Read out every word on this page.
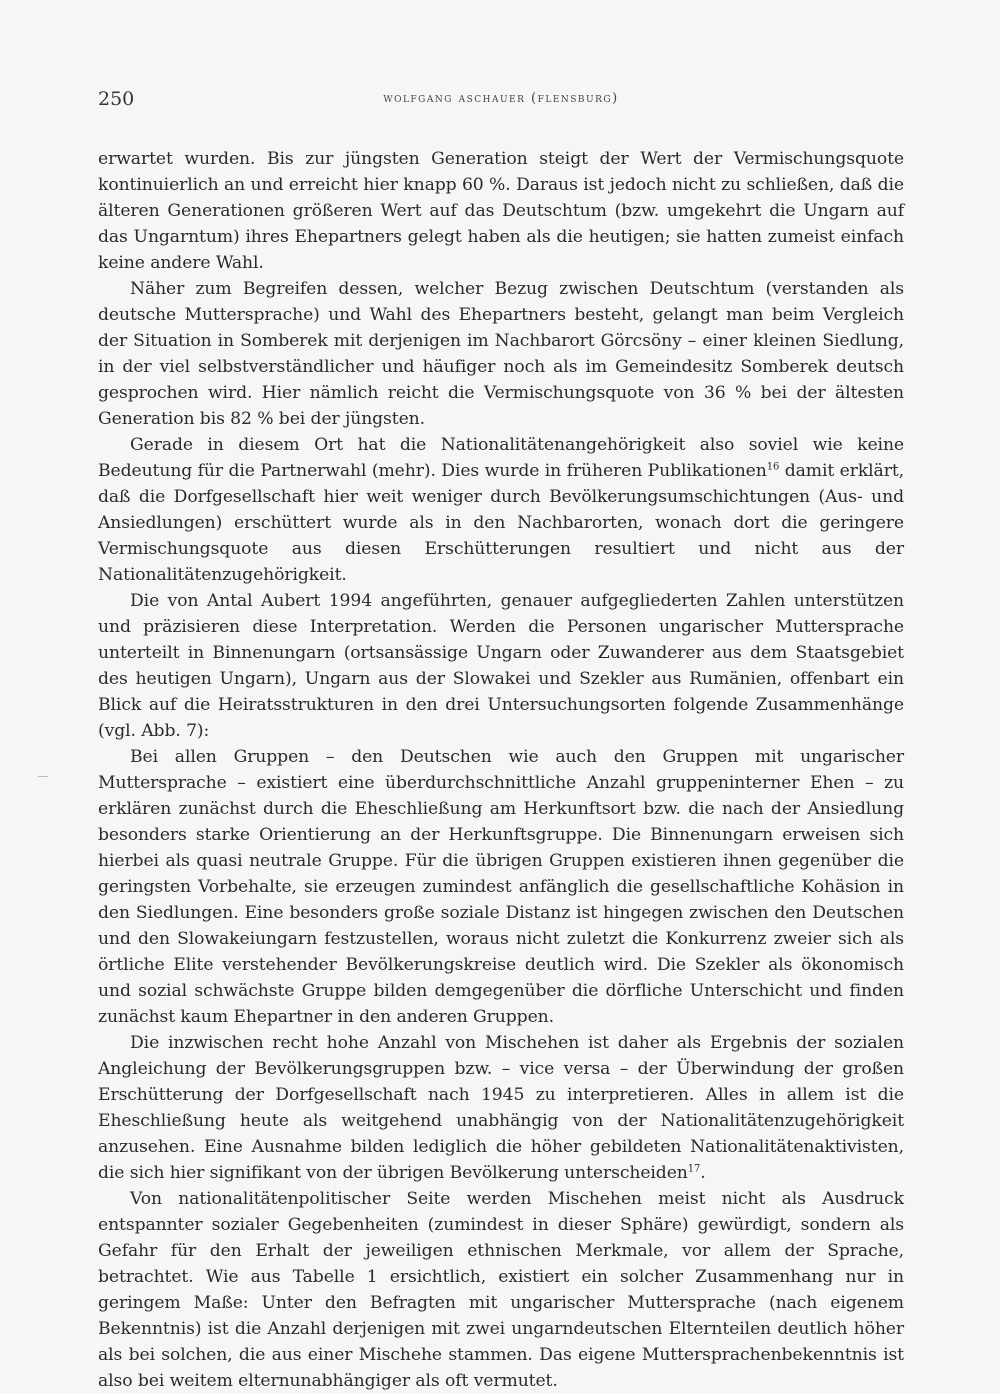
250	wolfgang aschauer (flensburg)

erwartet wurden. Bis zur jüngsten Generation steigt der Wert der Vermischungsquote kontinuierlich an und erreicht hier knapp 60 %. Daraus ist jedoch nicht zu schließen, daß die älteren Generationen größeren Wert auf das Deutschtum (bzw. umgekehrt die Ungarn auf das Ungarntum) ihres Ehepartners gelegt haben als die heutigen; sie hatten zumeist einfach keine andere Wahl.

Näher zum Begreifen dessen, welcher Bezug zwischen Deutschtum (verstanden als deutsche Muttersprache) und Wahl des Ehepartners besteht, gelangt man beim Vergleich der Situation in Somberek mit derjenigen im Nachbarort Görcsöny – einer kleinen Siedlung, in der viel selbstverständlicher und häufiger noch als im Gemeindesitz Somberek deutsch gesprochen wird. Hier nämlich reicht die Vermischungsquote von 36 % bei der ältesten Generation bis 82 % bei der jüngsten.

Gerade in diesem Ort hat die Nationalitätenangehörigkeit also soviel wie keine Bedeutung für die Partnerwahl (mehr). Dies wurde in früheren Publikationen$^{16}$ damit erklärt, daß die Dorfgesellschaft hier weit weniger durch Bevölkerungsumschichtungen (Aus- und Ansiedlungen) erschüttert wurde als in den Nachbarorten, wonach dort die geringere Vermischungsquote aus diesen Erschütterungen resultiert und nicht aus der Nationalitätenzugehörigkeit.

Die von Antal Aubert 1994 angeführten, genauer aufgegliederten Zahlen unterstützen und präzisieren diese Interpretation. Werden die Personen ungarischer Muttersprache unterteilt in Binnenungarn (ortsansässige Ungarn oder Zuwanderer aus dem Staatsgebiet des heutigen Ungarn), Ungarn aus der Slowakei und Szekler aus Rumänien, offenbart ein Blick auf die Heiratsstrukturen in den drei Untersuchungsorten folgende Zusammenhänge (vgl. Abb. 7):

Bei allen Gruppen – den Deutschen wie auch den Gruppen mit ungarischer Muttersprache – existiert eine überdurchschnittliche Anzahl gruppeninterner Ehen – zu erklären zunächst durch die Eheschließung am Herkunftsort bzw. die nach der Ansiedlung besonders starke Orientierung an der Herkunftsgruppe. Die Binnenungarn erweisen sich hierbei als quasi neutrale Gruppe. Für die übrigen Gruppen existieren ihnen gegenüber die geringsten Vorbehalte, sie erzeugen zumindest anfänglich die gesellschaftliche Kohäsion in den Siedlungen. Eine besonders große soziale Distanz ist hingegen zwischen den Deutschen und den Slowakeiungarn festzustellen, woraus nicht zuletzt die Konkurrenz zweier sich als örtliche Elite verstehender Bevölkerungskreise deutlich wird. Die Szekler als ökonomisch und sozial schwächste Gruppe bilden demgegenüber die dörfliche Unterschicht und finden zunächst kaum Ehepartner in den anderen Gruppen.

Die inzwischen recht hohe Anzahl von Mischehen ist daher als Ergebnis der sozialen Angleichung der Bevölkerungsgruppen bzw. – vice versa – der Überwindung der großen Erschütterung der Dorfgesellschaft nach 1945 zu interpretieren. Alles in allem ist die Eheschließung heute als weitgehend unabhängig von der Nationalitätenzugehörigkeit anzusehen. Eine Ausnahme bilden lediglich die höher gebildeten Nationalitätenaktivisten, die sich hier signifikant von der übrigen Bevölkerung unterscheiden$^{17}$.

Von nationalitätenpolitischer Seite werden Mischehen meist nicht als Ausdruck entspannter sozialer Gegebenheiten (zumindest in dieser Sphäre) gewürdigt, sondern als Gefahr für den Erhalt der jeweiligen ethnischen Merkmale, vor allem der Sprache, betrachtet. Wie aus Tabelle 1 ersichtlich, existiert ein solcher Zusammenhang nur in geringem Maße: Unter den Befragten mit ungarischer Muttersprache (nach eigenem Bekenntnis) ist die Anzahl derjenigen mit zwei ungarndeutschen Elternteilen deutlich höher als bei solchen, die aus einer Mischehe stammen. Das eigene Muttersprachenbekenntnis ist also bei weitem elternunabhängiger als oft vermutet.
